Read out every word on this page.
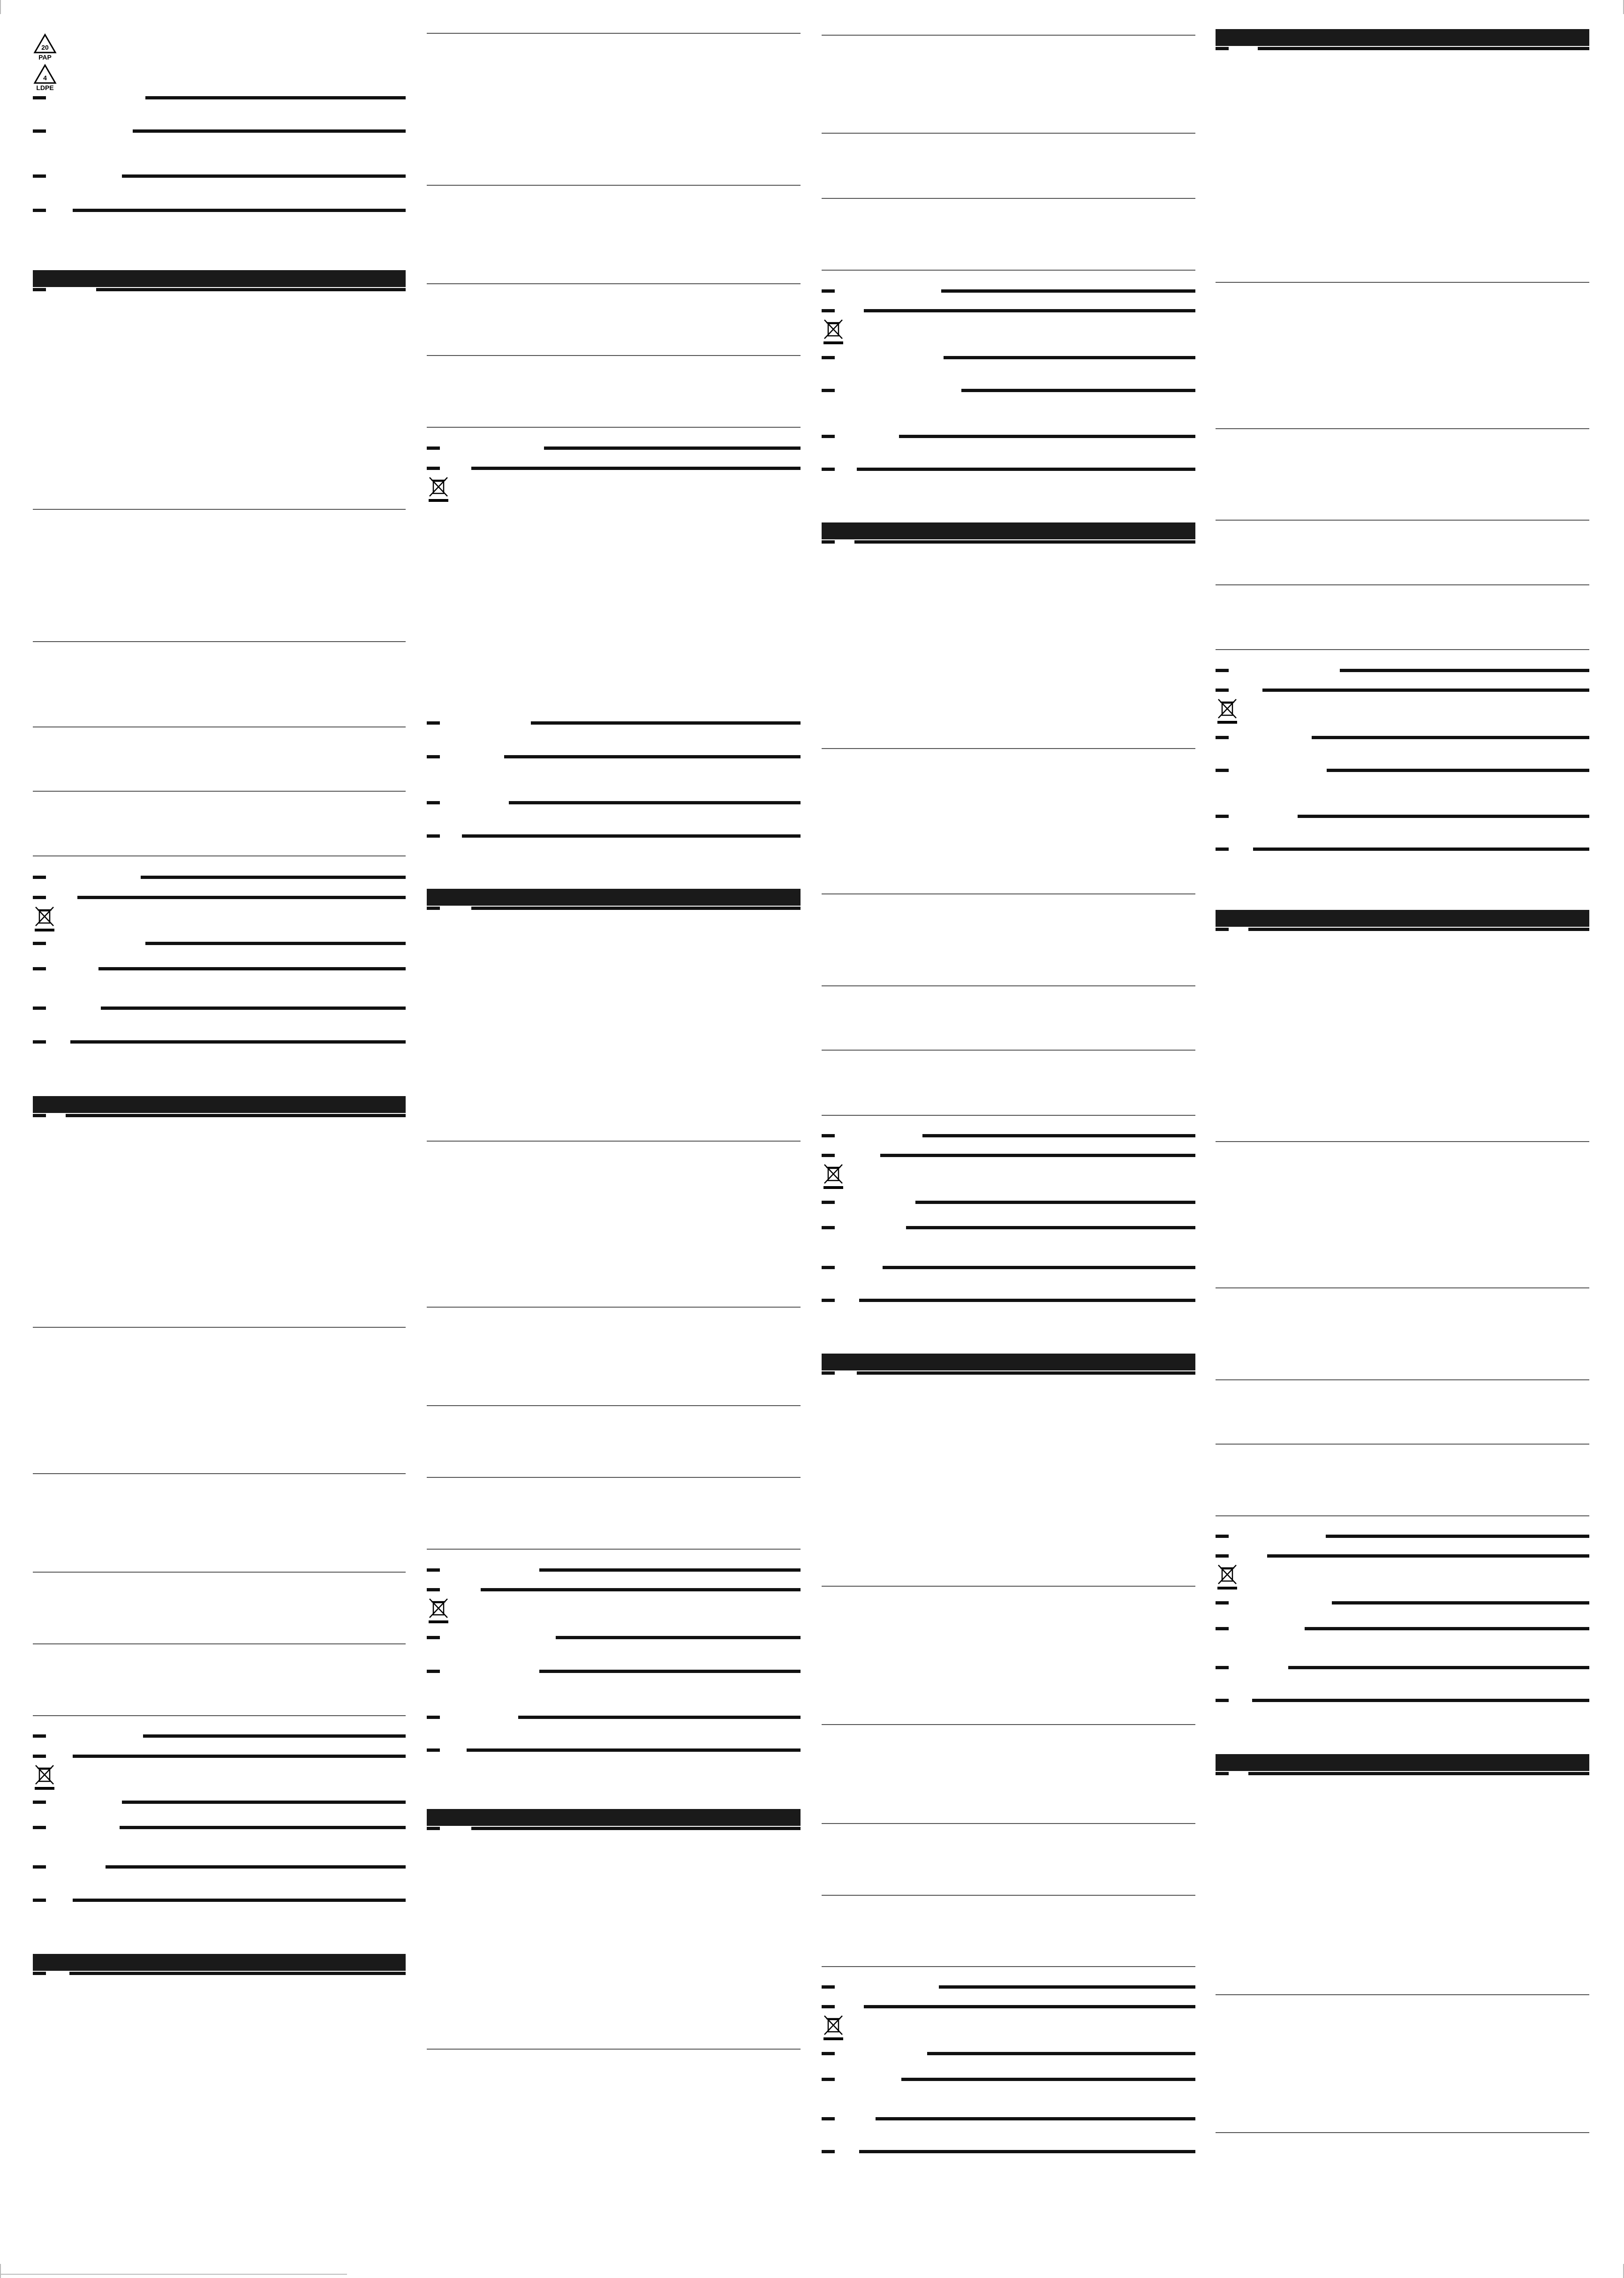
20
PAP
4
LDPE
